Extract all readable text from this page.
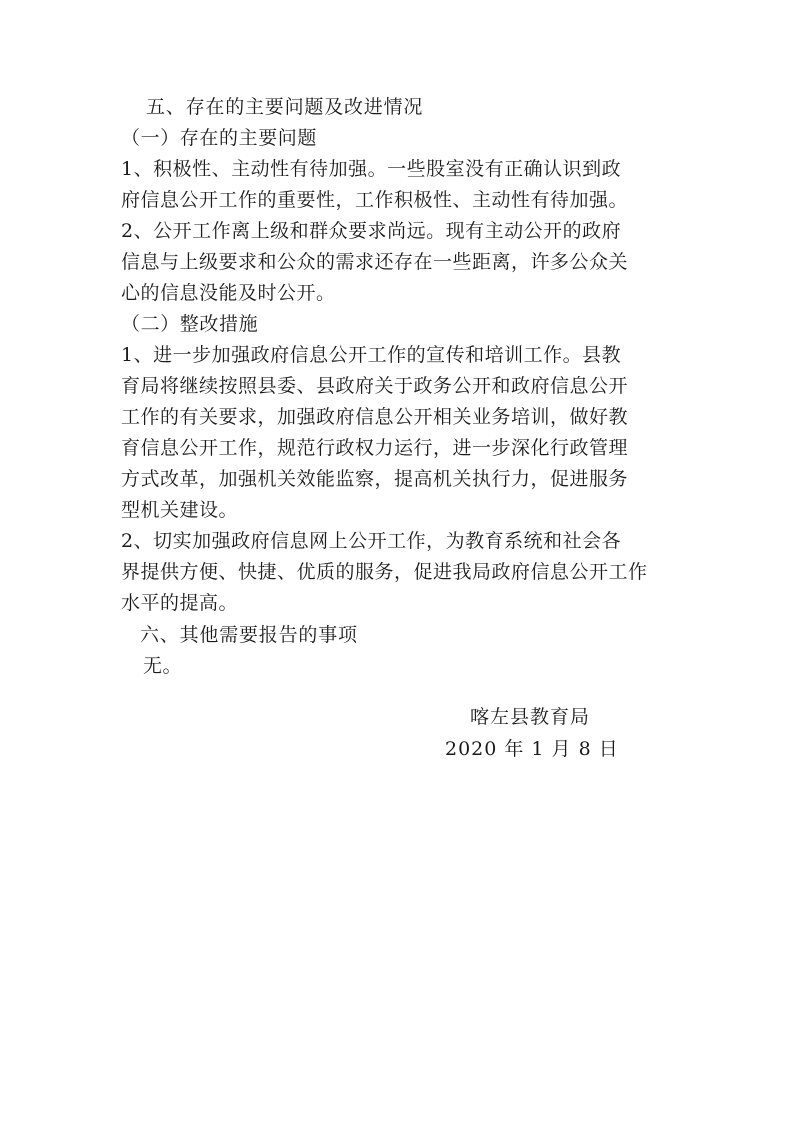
五、存在的主要问题及改进情况
（一）存在的主要问题
1、积极性、主动性有待加强。一些股室没有正确认识到政
府信息公开工作的重要性，工作积极性、主动性有待加强。
2、公开工作离上级和群众要求尚远。现有主动公开的政府
信息与上级要求和公众的需求还存在一些距离，许多公众关
心的信息没能及时公开。
（二）整改措施
1、进一步加强政府信息公开工作的宣传和培训工作。县教
育局将继续按照县委、县政府关于政务公开和政府信息公开
工作的有关要求，加强政府信息公开相关业务培训，做好教
育信息公开工作，规范行政权力运行，进一步深化行政管理
方式改革，加强机关效能监察，提高机关执行力，促进服务
型机关建设。
2、切实加强政府信息网上公开工作，为教育系统和社会各
界提供方便、快捷、优质的服务，促进我局政府信息公开工作
水平的提高。
六、其他需要报告的事项
无。
喀左县教育局
2020 年 1 月 8 日
